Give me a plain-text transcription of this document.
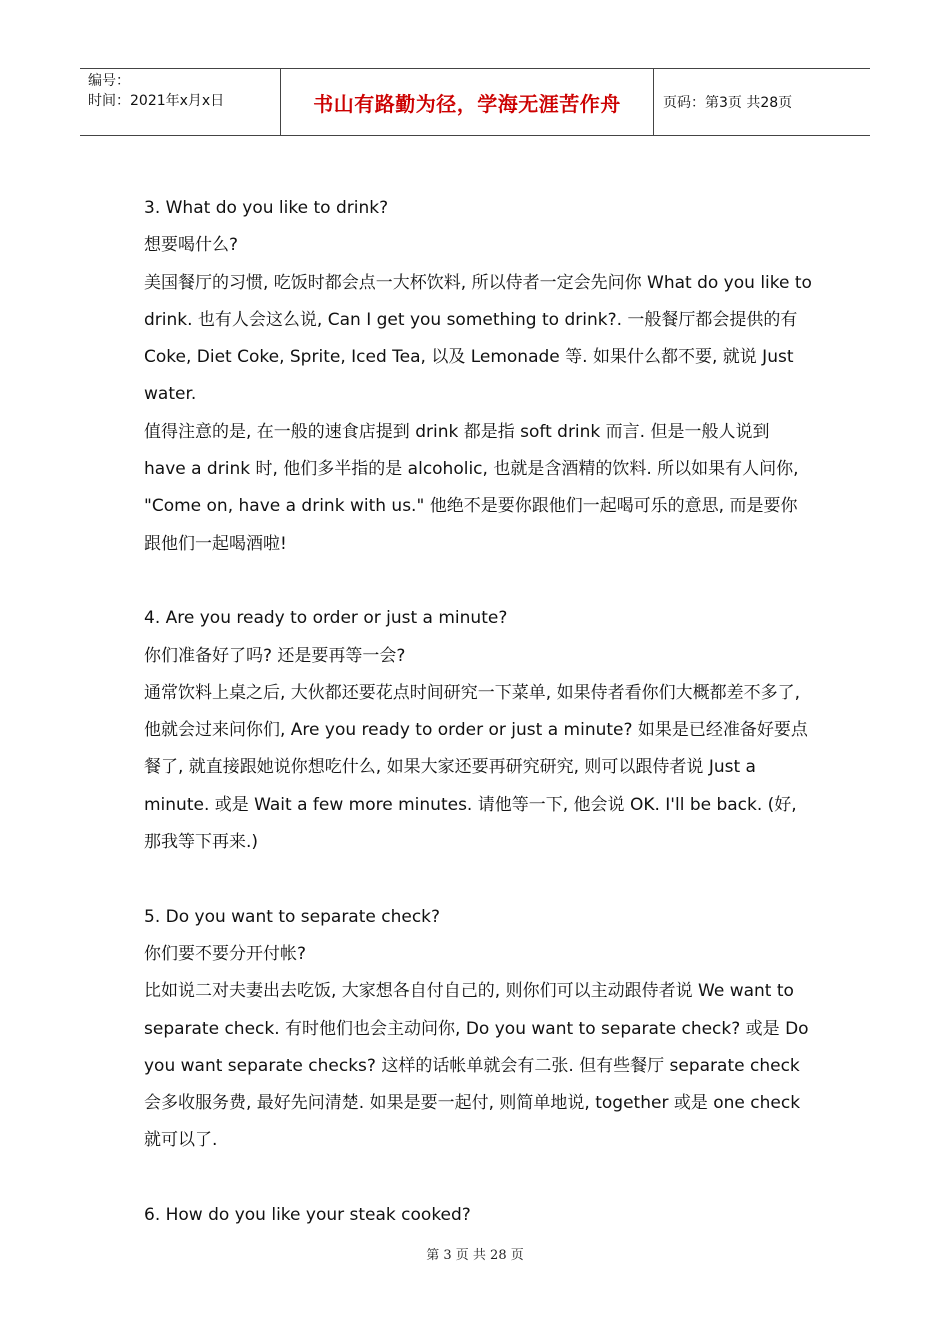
编号：
时间：2021年x月x日	书山有路勤为径，学海无涯苦作舟	页码：第3页 共28页

3. What do you like to drink?

想要喝什么?

美国餐厅的习惯, 吃饭时都会点一大杯饮料, 所以侍者一定会先问你 What do you like to drink. 也有人会这么说, Can I get you something to drink?. 一般餐厅都会提供的有 Coke, Diet Coke, Sprite, Iced Tea, 以及 Lemonade 等. 如果什么都不要, 就说 Just water.

值得注意的是, 在一般的速食店提到 drink 都是指 soft drink 而言. 但是一般人说到 have a drink 时, 他们多半指的是 alcoholic, 也就是含酒精的饮料. 所以如果有人问你, "Come on, have a drink with us." 他绝不是要你跟他们一起喝可乐的意思, 而是要你跟他们一起喝酒啦!

4. Are you ready to order or just a minute?

你们准备好了吗? 还是要再等一会?

通常饮料上桌之后, 大伙都还要花点时间研究一下菜单, 如果侍者看你们大概都差不多了, 他就会过来问你们, Are you ready to order or just a minute? 如果是已经准备好要点餐了, 就直接跟她说你想吃什么, 如果大家还要再研究研究, 则可以跟侍者说 Just a minute. 或是 Wait a few more minutes. 请他等一下, 他会说 OK. I'll be back. (好, 那我等下再来.)

5. Do you want to separate check?

你们要不要分开付帐?

比如说二对夫妻出去吃饭, 大家想各自付自己的, 则你们可以主动跟侍者说 We want to separate check. 有时他们也会主动问你, Do you want to separate check? 或是 Do you want separate checks? 这样的话帐单就会有二张. 但有些餐厅 separate check 会多收服务费, 最好先问清楚. 如果是要一起付, 则简单地说, together 或是 one check 就可以了.

6. How do you like your steak cooked?

第 3 页 共 28 页
